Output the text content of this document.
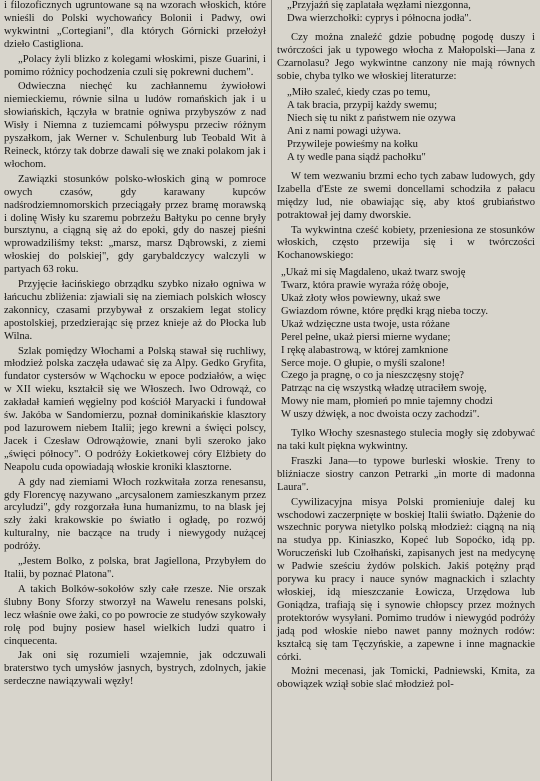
i filozoficznych ugruntowane są na wzorach włoskich, które wnieśli do Polski wychowańcy Bolonii i Padwy, owi wykwintni „Cortegiani", dla których Górnicki przełożył dzieło Castigliona.

„Polacy żyli blizko z kolegami włoskimi, pisze Guarini, i pomimo różnicy pochodzenia czuli się pokrewni duchem".

Odwieczna niechęć ku zachłannemu żywiołowi niemieckiemu, równie silna u ludów romańskich jak i u słowiańskich, łączyła w bratnie ogniwa przybyszów z nad Wisły i Niemna z tuziemcami półwyspu przeciw różnym pyszałkom, jak Werner v. Schulenburg lub Teobald Wit à Reineck, którzy tak dobrze dawali się we znaki polakom jak i włochom.

Zawiązki stosunków polsko-włoskich giną w pomroce owych czasów, gdy karawany kupców nadśrodziemnomorskich przeciągały przez bramę morawską i dolinę Wisły ku szaremu pobrzeżu Bałtyku po cenne bryły bursztynu, a ciągną się aż do epoki, gdy do naszej pieśni wprowadziliśmy tekst: „marsz, marsz Dąbrowski, z ziemi włoskiej do polskiej", gdy garybaldczycy walczyli w partyach 63 roku.

Przyjęcie łacińskiego obrządku szybko nizało ogniwa w łańcuchu zbliżenia: zjawiali się na ziemiach polskich włoscy zakonnicy, czasami przybywał z orszakiem legat stolicy apostolskiej, przedzierając się przez knieje aż do Płocka lub Wilna.

Szlak pomiędzy Włochami a Polską stawał się ruchliwy, młodzież polska zaczęła udawać się za Alpy. Gedko Gryfita, fundator cystersów w Wąchocku w epoce podziałów, a więc w XII wieku, kształcił się we Włoszech. Iwo Odrowąż, co zakładał kamień węgielny pod kościół Maryacki i fundował św. Jakóba w Sandomierzu, poznał dominikańskie klasztory pod lazurowem niebem Italii; jego krewni a święci polscy, Jacek i Czesław Odrowążowie, znani byli szeroko jako „święci północy". O podróży Łokietkowej córy Elżbiety do Neapolu cuda opowiadają włoskie kroniki klasztorne.

A gdy nad ziemiami Włoch rozkwitała zorza renesansu, gdy Florencyę nazywano „arcysalonem zamieszkanym przez arcyludzi", gdy rozgorzała łuna humanizmu, to na blask jej szły żaki krakowskie po światło i ogładę, po rozwój kulturalny, nie baczące na trudy i niewygody nużącej podróży.

„Jestem Bolko, z polska, brat Jagiellona, Przybyłem do Italii, by poznać Platona".

A takich Bolków-sokołów szły całe rzesze. Nie orszak ślubny Bony Sforzy stworzył na Wawelu renesans polski, lecz właśnie owe żaki, co po powrocie ze studyów szykowały rolę pod bujny posiew hasel wielkich ludzi quatro i cinquecenta.

Jak oni się rozumieli wzajemnie, jak odczuwali braterstwo tych umysłów jasnych, bystrych, zdolnych, jakie serdeczne nawiązywali węzły!

„Przyjaźń się zaplatała węzłami niezgonna,
Dwa wierzchołki: cyprys i północna jodła".

Czy można znaleźć gdzie pobudnę pogodę duszy i twórczości jak u typowego włocha z Małopolski—Jana z Czarnolasu? Jego wykwintne canzony nie mają równych sobie, chyba tylko we włoskiej literaturze:

„Miło szaleć, kiedy czas po temu,
A tak bracia, przypij każdy swemu;
Niech się tu nikt z państwem nie ozywa
Ani z nami powagi używa.
Przywileje powieśmy na kołku
A ty wedle pana siądź pachołku"

W tem wezwaniu brzmi echo tych zabaw ludowych, gdy Izabella d'Este ze swemi doncellami schodziła z pałacu między lud, nie obawiając się, aby ktoś grubiaństwo potraktował jej damy dworskie.

Ta wykwintna cześć kobiety, przeniesiona ze stosunków włoskich, często przewija się i w twórczości Kochanowskiego:

„Ukaż mi się Magdaleno, ukaż twarz swoję
Twarz, która prawie wyraża różę oboje,
Ukaż złoty włos powiewny, ukaż swe
Gwiazdom równe, które prędki krąg nieba toczy.
Ukaż wdzięczne usta twoje, usta różane
Perel pełne, ukaż piersi mierne wydane;
I rękę alabastrową, w której zamknione
Serce moje. O głupie, o myśli szalone!
Czego ja pragnę, o co ja nieszczęsny stoję?
Patrząc na cię wszystką władzę utraciłem swoję,
Mowy nie mam, płomień po mnie tajemny chodzi
W uszy dźwięk, a noc dwoista oczy zachodzi".

Tylko Włochy szesnastego stulecia mogły się zdobywać na taki kult piękna wykwintny.

Fraszki Jana—to typowe burleski włoskie. Treny to bliźniacze siostry canzon Petrarki „in morte di madonna Laura".

Cywilizacyjna misya Polski promieniuje dalej ku wschodowi zaczerpnięte w boskiej Italii światło. Dążenie do wszechnic porywa nietylko polską młodzież: ciągną na nią na studya pp. Kiniaszko, Kopeć lub Sopoćko, idą pp. Woruczeński lub Czołhański, zapisanych jest na medycynę w Padwie sześciu żydów polskich. Jakiś potężny prąd porywa ku pracy i nauce synów magnackich i szlachty włoskiej, idą mieszczanie Łowicza, Urzędowa lub Goniądza, trafiają się i synowie chłopscy przez możnych protektorów wysyłani. Pomimo trudów i niewygód podróży jadą pod włoskie niebo nawet panny możnych rodów: kształcą się tam Tęczyńskie, a zapewne i inne magnackie córki.

Możni mecenasi, jak Tomicki, Padniewski, Kmita, za obowiązek wziął sobie slać młodzież pol-
